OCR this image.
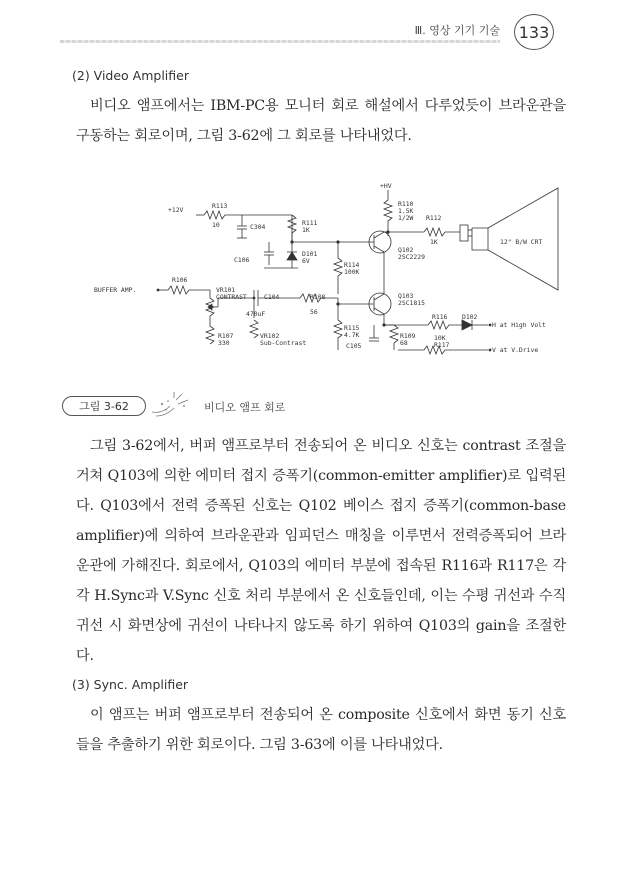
Ⅲ. 영상 기기 기술 133
(2) Video Amplifier

비디오 앰프에서는 IBM-PC용 모니터 회로 해설에서 다루었듯이 브라운관을 구동하는 회로이며, 그림 3-62에 그 회로를 나타내었다.

+HV
R110
1.5K
1/2W R112
1K	12" B/W CRT
Q102
2SC2229
+12V	R113
10	C304	R111
1K
C106
D101
6V	R114
100K
BUFFER AMP.
R106
VR101
CONTRAST	C104
470uF
R108
56
Q103
2SC1815
R116 D102
H at High Volt
R115
4.7K
C105
R109
68
10K
R117
V at V.Drive
R107
330
VR102
Sub-Contrast
그림 3-62	비디오 앰프 회로

그림 3-62에서, 버퍼 앰프로부터 전송되어 온 비디오 신호는 contrast 조절을 거쳐 Q103에 의한 에미터 접지 증폭기(common-emitter amplifier)로 입력된다. Q103에서 전력 증폭된 신호는 Q102 베이스 접지 증폭기(common-base amplifier)에 의하여 브라운관과 임피던스 매칭을 이루면서 전력증폭되어 브라운관에 가해진다. 회로에서, Q103의 에미터 부분에 접속된 R116과 R117은 각각 H.Sync과 V.Sync 신호 처리 부분에서 온 신호들인데, 이는 수평 귀선과 수직 귀선 시 화면상에 귀선이 나타나지 않도록 하기 위하여 Q103의 gain을 조절한다.

(3) Sync. Amplifier

이 앰프는 버퍼 앰프로부터 전송되어 온 composite 신호에서 화면 동기 신호들을 추출하기 위한 회로이다. 그림 3-63에 이를 나타내었다.
